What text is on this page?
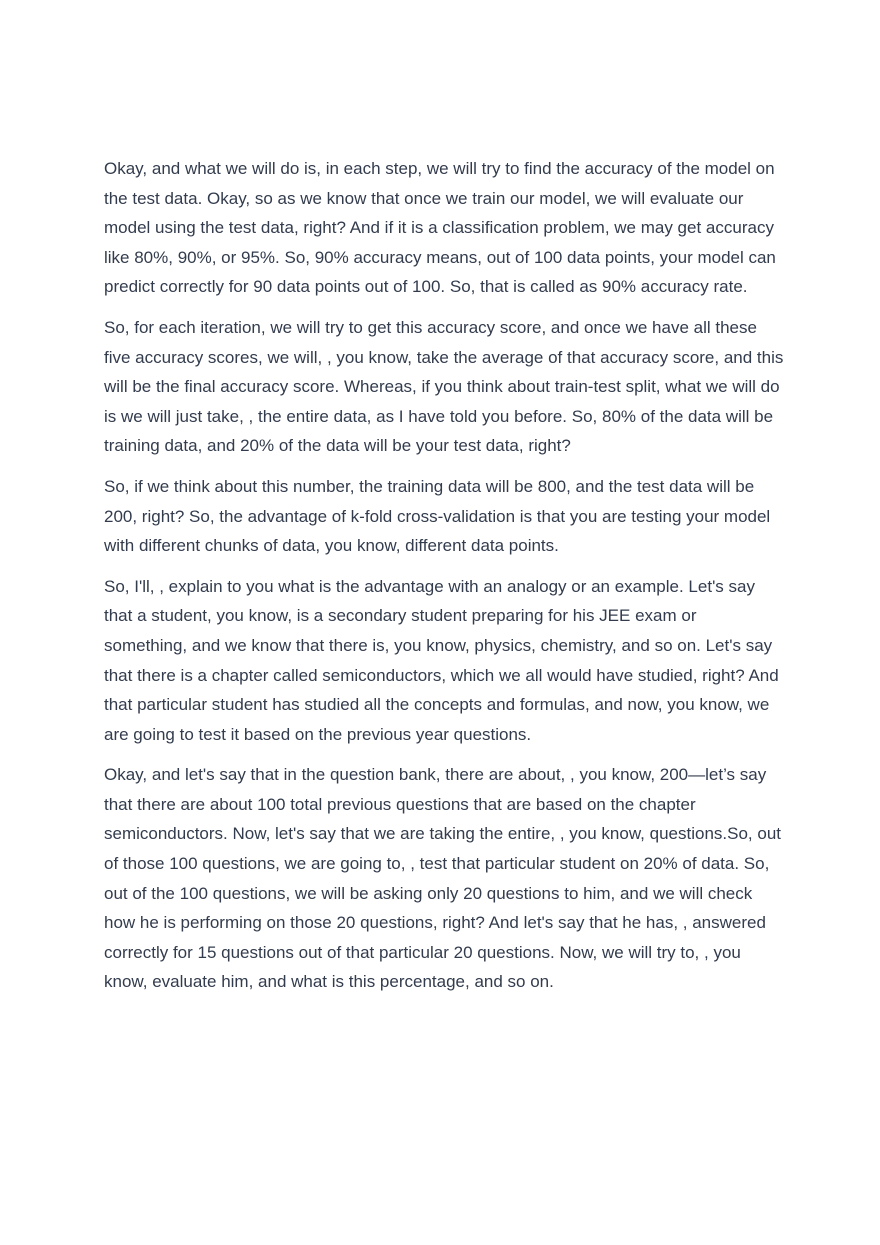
Okay, and what we will do is, in each step, we will try to find the accuracy of the model on the test data. Okay, so as we know that once we train our model, we will evaluate our model using the test data, right? And if it is a classification problem, we may get accuracy like 80%, 90%, or 95%. So, 90% accuracy means, out of 100 data points, your model can predict correctly for 90 data points out of 100. So, that is called as 90% accuracy rate.

So, for each iteration, we will try to get this accuracy score, and once we have all these five accuracy scores, we will, , you know, take the average of that accuracy score, and this will be the final accuracy score. Whereas, if you think about train-test split, what we will do is we will just take, , the entire data, as I have told you before. So, 80% of the data will be training data, and 20% of the data will be your test data, right?

So, if we think about this number, the training data will be 800, and the test data will be 200, right? So, the advantage of k-fold cross-validation is that you are testing your model with different chunks of data, you know, different data points.

So, I'll, , explain to you what is the advantage with an analogy or an example. Let's say that a student, you know, is a secondary student preparing for his JEE exam or something, and we know that there is, you know, physics, chemistry, and so on. Let's say that there is a chapter called semiconductors, which we all would have studied, right? And that particular student has studied all the concepts and formulas, and now, you know, we are going to test it based on the previous year questions.

Okay, and let's say that in the question bank, there are about, , you know, 200—let’s say that there are about 100 total previous questions that are based on the chapter semiconductors. Now, let's say that we are taking the entire, , you know, questions.So, out of those 100 questions, we are going to, , test that particular student on 20% of data. So, out of the 100 questions, we will be asking only 20 questions to him, and we will check how he is performing on those 20 questions, right? And let's say that he has, , answered correctly for 15 questions out of that particular 20 questions. Now, we will try to, , you know, evaluate him, and what is this percentage, and so on.
